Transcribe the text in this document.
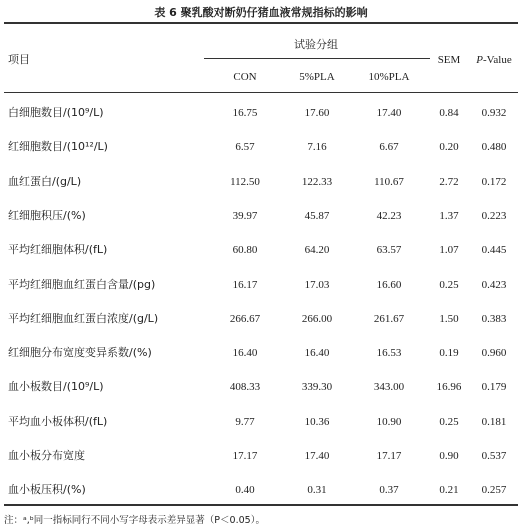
表 6 聚乳酸对断奶仔猪血液常规指标的影响
项目
试验分组
CON	5%PLA	10%PLA
SEM P-Value
白细胞数目/(10⁹/L)	16.75	17.60	17.40	0.84 0.932
红细胞数目/(10¹²/L)	6.57	7.16	6.67	0.20 0.480
血红蛋白/(g/L)	112.50	122.33	110.67	2.72 0.172
红细胞积压/(%)	39.97	45.87	42.23	1.37 0.223
平均红细胞体积/(fL)	60.80	64.20	63.57	1.07 0.445
平均红细胞血红蛋白含量/(pg)	16.17	17.03	16.60	0.25 0.423
平均红细胞血红蛋白浓度/(g/L)	266.67	266.00	261.67	1.50 0.383
红细胞分布宽度变异系数/(%)	16.40	16.40	16.53	0.19 0.960
血小板数目/(10⁹/L)	408.33	339.30	343.00	16.96 0.179
平均血小板体积/(fL)	9.77	10.36	10.90	0.25 0.181
血小板分布宽度	17.17	17.40	17.17	0.90 0.537
血小板压积/(%)	0.40	0.31	0.37	0.21 0.257
注：ᵃ,ᵇ同一指标同行不同小写字母表示差异显著（P＜0.05）。
